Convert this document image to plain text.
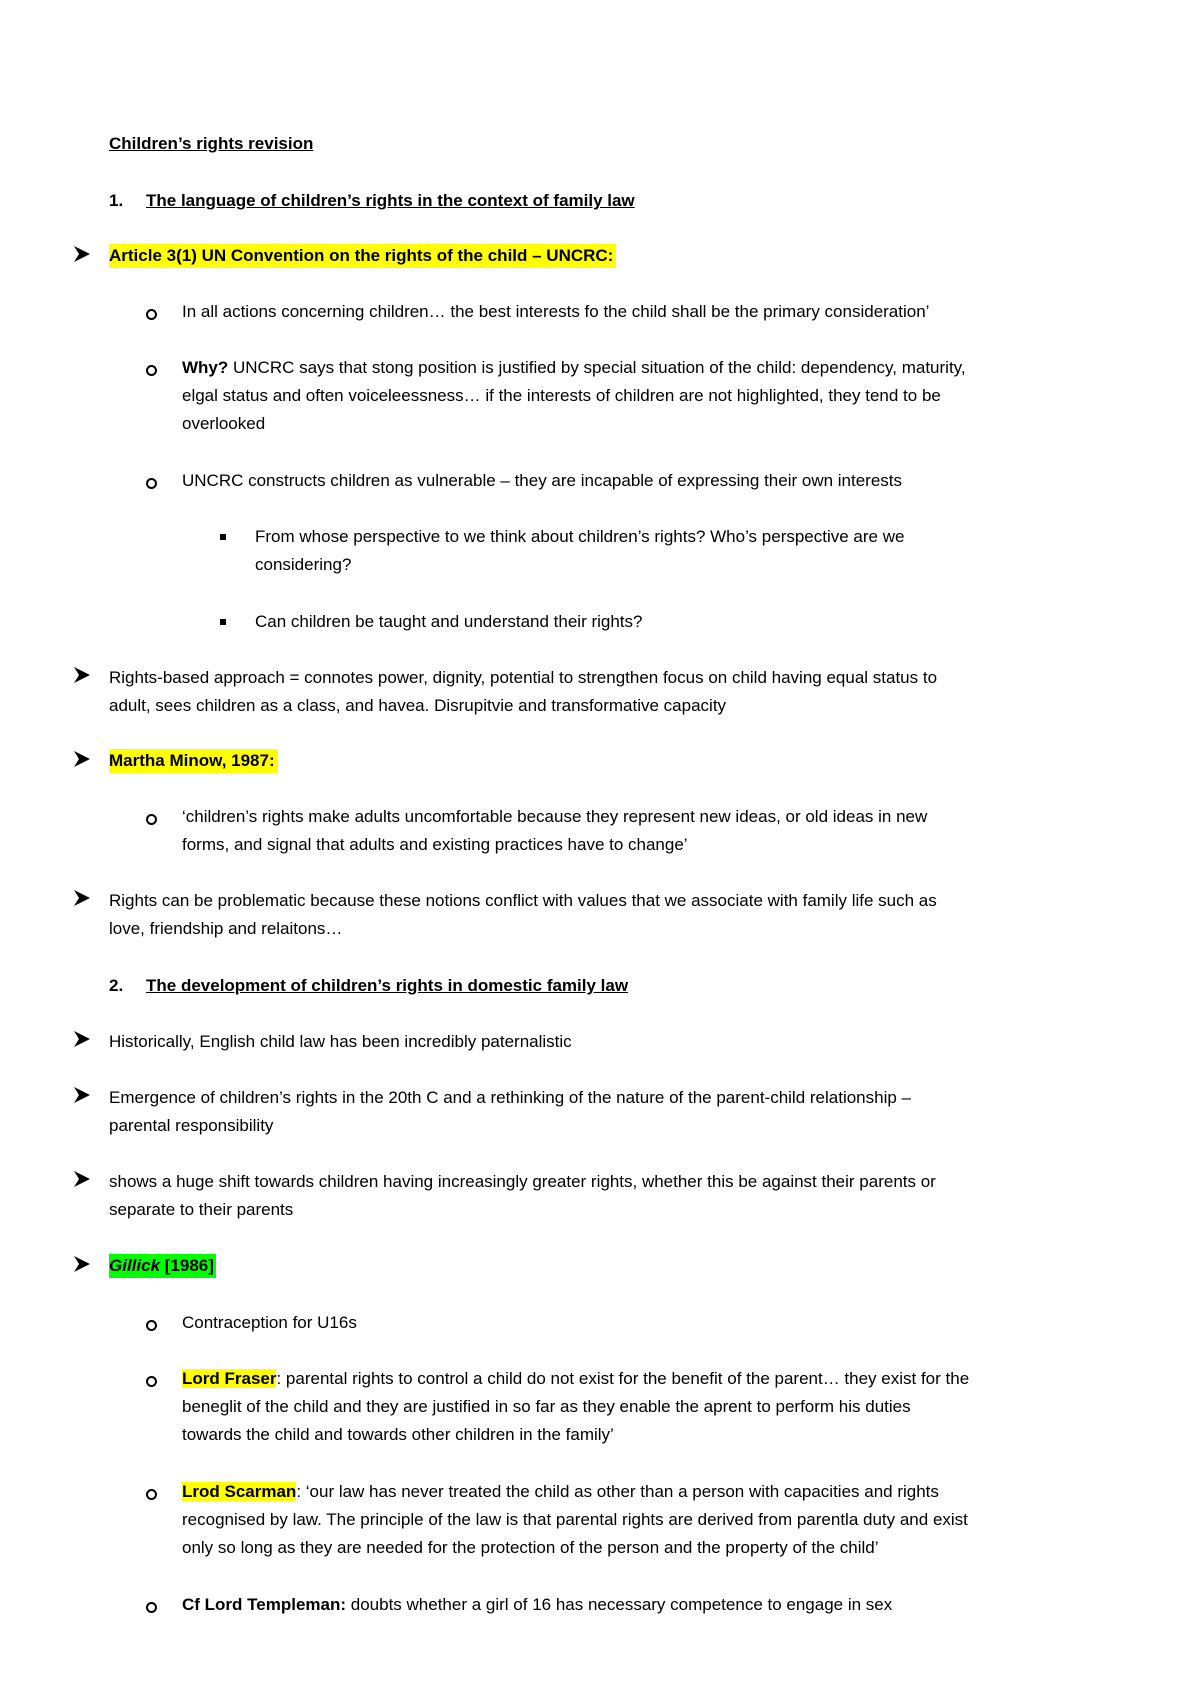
Children’s rights revision
1. The language of children’s rights in the context of family law
Article 3(1) UN Convention on the rights of the child – UNCRC:
In all actions concerning children… the best interests fo the child shall be the primary consideration’
Why? UNCRC says that stong position is justified by special situation of the child: dependency, maturity,
elgal status and often voiceleessness… if the interests of children are not highlighted, they tend to be
overlooked
UNCRC constructs children as vulnerable – they are incapable of expressing their own interests
From whose perspective to we think about children’s rights? Who’s perspective are we
considering?
Can children be taught and understand their rights?
Rights-based approach = connotes power, dignity, potential to strengthen focus on child having equal status to
adult, sees children as a class, and havea. Disrupitvie and transformative capacity
Martha Minow, 1987:
‘children’s rights make adults uncomfortable because they represent new ideas, or old ideas in new
forms, and signal that adults and existing practices have to change’
Rights can be problematic because these notions conflict with values that we associate with family life such as
love, friendship and relaitons…
2. The development of children’s rights in domestic family law
Historically, English child law has been incredibly paternalistic
Emergence of children’s rights in the 20th C and a rethinking of the nature of the parent-child relationship –
parental responsibility
shows a huge shift towards children having increasingly greater rights, whether this be against their parents or
separate to their parents
Gillick [1986]
Contraception for U16s
Lord Fraser: parental rights to control a child do not exist for the benefit of the parent… they exist for the
beneglit of the child and they are justified in so far as they enable the aprent to perform his duties
towards the child and towards other children in the family’
Lrod Scarman: ‘our law has never treated the child as other than a person with capacities and rights
recognised by law. The principle of the law is that parental rights are derived from parentla duty and exist
only so long as they are needed for the protection of the person and the property of the child’
Cf Lord Templeman: doubts whether a girl of 16 has necessary competence to engage in sex
